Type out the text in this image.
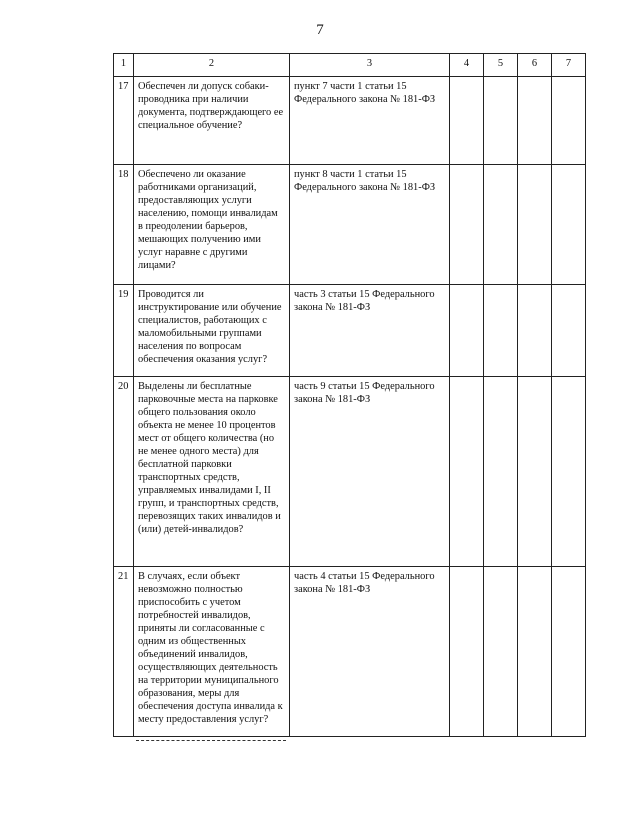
7
1	2	3	4	5	6	7
17	Обеспечен ли допуск собаки-проводника при наличии документа, подтверждающего ее специальное обучение?	пункт 7 части 1 статьи 15 Федерального закона № 181-ФЗ				
18	Обеспечено ли оказание работниками организаций, предоставляющих услуги населению, помощи инвалидам в преодолении барьеров, мешающих получению ими услуг наравне с другими лицами?	пункт 8 части 1 статьи 15 Федерального закона № 181-ФЗ				
19	Проводится ли инструктирование или обучение специалистов, работающих с маломобильными группами населения по вопросам обеспечения оказания услуг?	часть 3 статьи 15 Федерального закона № 181-ФЗ				
20	Выделены ли бесплатные парковочные места на парковке общего пользования около объекта не менее 10 процентов мест от общего количества (но не менее одного места) для бесплатной парковки транспортных средств, управляемых инвалидами I, II групп, и транспортных средств, перевозящих таких инвалидов и (или) детей-инвалидов?	часть 9 статьи 15 Федерального закона № 181-ФЗ				
21	В случаях, если объект невозможно полностью приспособить с учетом потребностей инвалидов, приняты ли согласованные с одним из общественных объединений инвалидов, осуществляющих деятельность на территории муниципального образования, меры для обеспечения доступа инвалида к месту предоставления услуг?	часть 4 статьи 15 Федерального закона № 181-ФЗ				
